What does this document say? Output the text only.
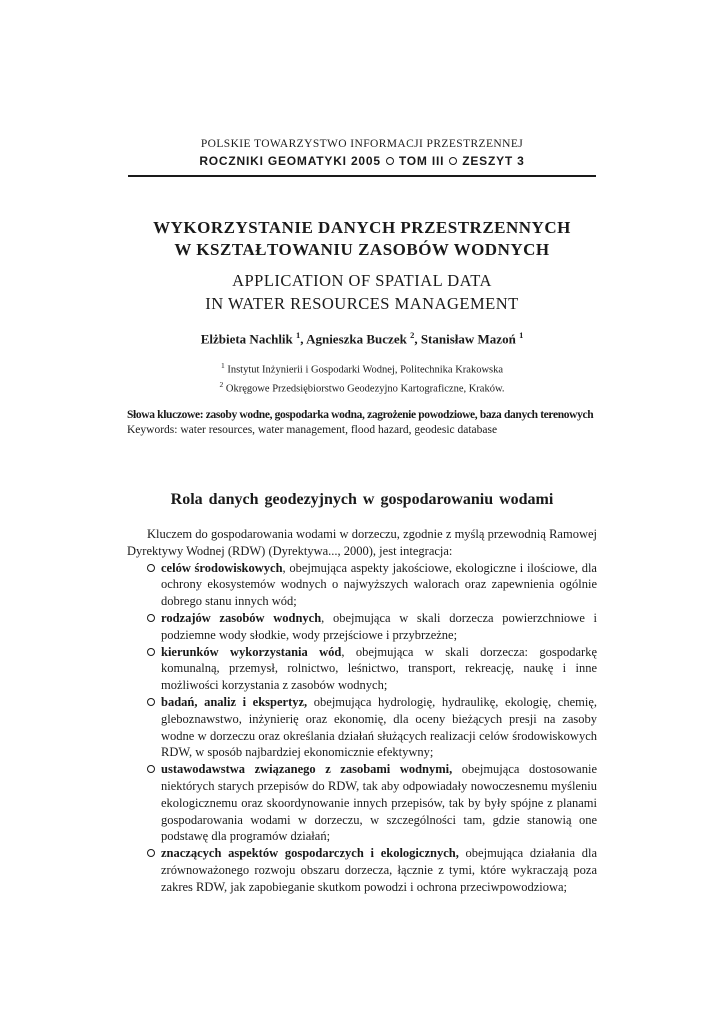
POLSKIE TOWARZYSTWO INFORMACJI PRZESTRZENNEJ
ROCZNIKI GEOMATYKI 2005 TOM III ZESZYT 3
WYKORZYSTANIE DANYCH PRZESTRZENNYCH
W KSZTAŁTOWANIU ZASOBÓW WODNYCH
APPLICATION OF SPATIAL DATA
IN WATER RESOURCES MANAGEMENT
Elżbieta Nachlik $^1$, Agnieszka Buczek $^2$, Stanisław Mazoń $^1$
$^1$ Instytut Inżynierii i Gospodarki Wodnej, Politechnika Krakowska
$^2$ Okręgowe Przedsiębiorstwo Geodezyjno Kartograficzne, Kraków.
Słowa kluczowe: zasoby wodne, gospodarka wodna, zagrożenie powodziowe, baza danych terenowych
Keywords: water resources, water management, flood hazard, geodesic database
Rola danych geodezyjnych w gospodarowaniu wodami

Kluczem do gospodarowania wodami w dorzeczu, zgodnie z myślą przewodnią Ramowej Dyrektywy Wodnej (RDW) (Dyrektywa..., 2000), jest integracja:

celów środowiskowych, obejmująca aspekty jakościowe, ekologiczne i ilościowe, dla ochrony ekosystemów wodnych o najwyższych walorach oraz zapewnienia ogólnie dobrego stanu innych wód;
rodzajów zasobów wodnych, obejmująca w skali dorzecza powierzchniowe i podziemne wody słodkie, wody przejściowe i przybrzeżne;
kierunków wykorzystania wód, obejmująca w skali dorzecza: gospodarkę komunalną, przemysł, rolnictwo, leśnictwo, transport, rekreację, naukę i inne możliwości korzystania z zasobów wodnych;
badań, analiz i ekspertyz, obejmująca hydrologię, hydraulikę, ekologię, chemię, gleboznawstwo, inżynierię oraz ekonomię, dla oceny bieżących presji na zasoby wodne w dorzeczu oraz określania działań służących realizacji celów środowiskowych RDW, w sposób najbardziej ekonomicznie efektywny;
ustawodawstwa związanego z zasobami wodnymi, obejmująca dostosowanie niektórych starych przepisów do RDW, tak aby odpowiadały nowoczesnemu myśleniu ekologicznemu oraz skoordynowanie innych przepisów, tak by były spójne z planami gospodarowania wodami w dorzeczu, w szczególności tam, gdzie stanowią one podstawę dla programów działań;
znaczących aspektów gospodarczych i ekologicznych, obejmująca działania dla zrównoważonego rozwoju obszaru dorzecza, łącznie z tymi, które wykraczają poza zakres RDW, jak zapobieganie skutkom powodzi i ochrona przeciwpowodziowa;
